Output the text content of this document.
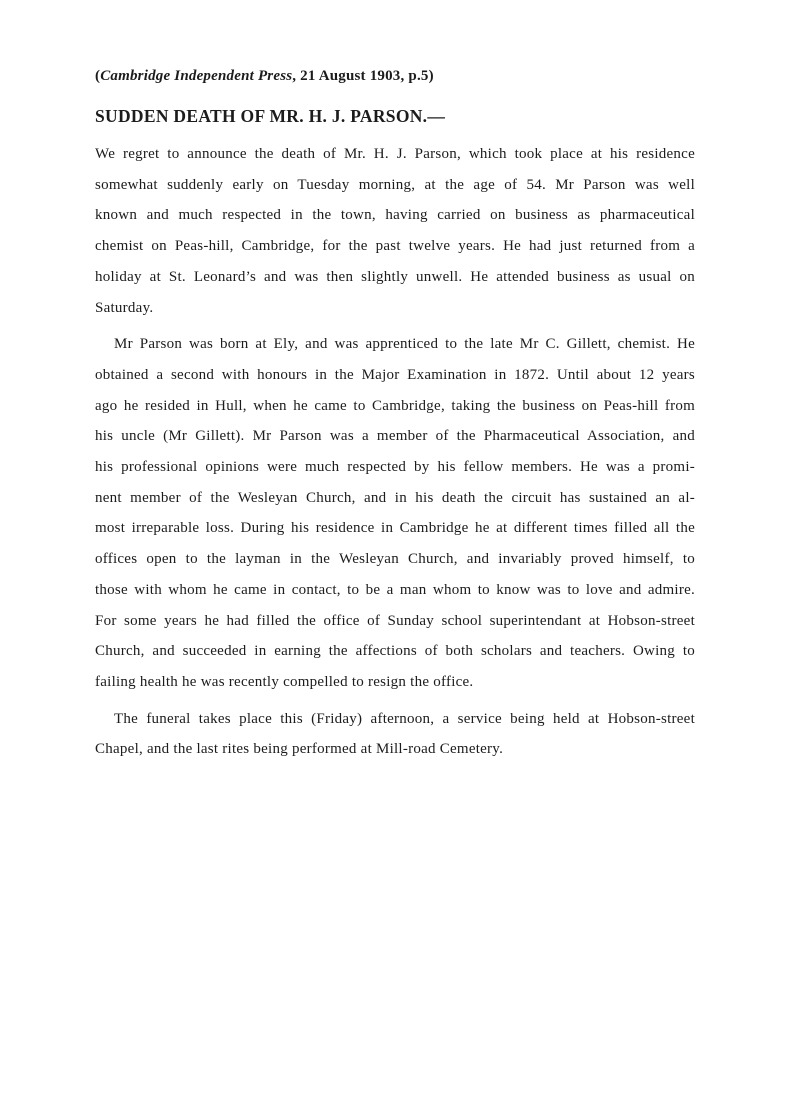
(Cambridge Independent Press, 21 August 1903, p.5)
SUDDEN DEATH OF MR. H. J. PARSON.—
We regret to announce the death of Mr. H. J. Parson, which took place at his residence
somewhat suddenly early on Tuesday morning, at the age of 54. Mr Parson was well
known and much respected in the town, having carried on business as pharmaceutical
chemist on Peas-hill, Cambridge, for the past twelve years. He had just returned from a
holiday at St. Leonard’s and was then slightly unwell. He attended business as usual on
Saturday.
Mr Parson was born at Ely, and was apprenticed to the late Mr C. Gillett, chemist. He
obtained a second with honours in the Major Examination in 1872. Until about 12 years
ago he resided in Hull, when he came to Cambridge, taking the business on Peas-hill from
his uncle (Mr Gillett). Mr Parson was a member of the Pharmaceutical Association, and
his professional opinions were much respected by his fellow members. He was a promi-
nent member of the Wesleyan Church, and in his death the circuit has sustained an al-
most irreparable loss. During his residence in Cambridge he at different times filled all the
offices open to the layman in the Wesleyan Church, and invariably proved himself, to
those with whom he came in contact, to be a man whom to know was to love and admire.
For some years he had filled the office of Sunday school superintendant at Hobson-street
Church, and succeeded in earning the affections of both scholars and teachers. Owing to
failing health he was recently compelled to resign the office.
The funeral takes place this (Friday) afternoon, a service being held at Hobson-street
Chapel, and the last rites being performed at Mill-road Cemetery.
